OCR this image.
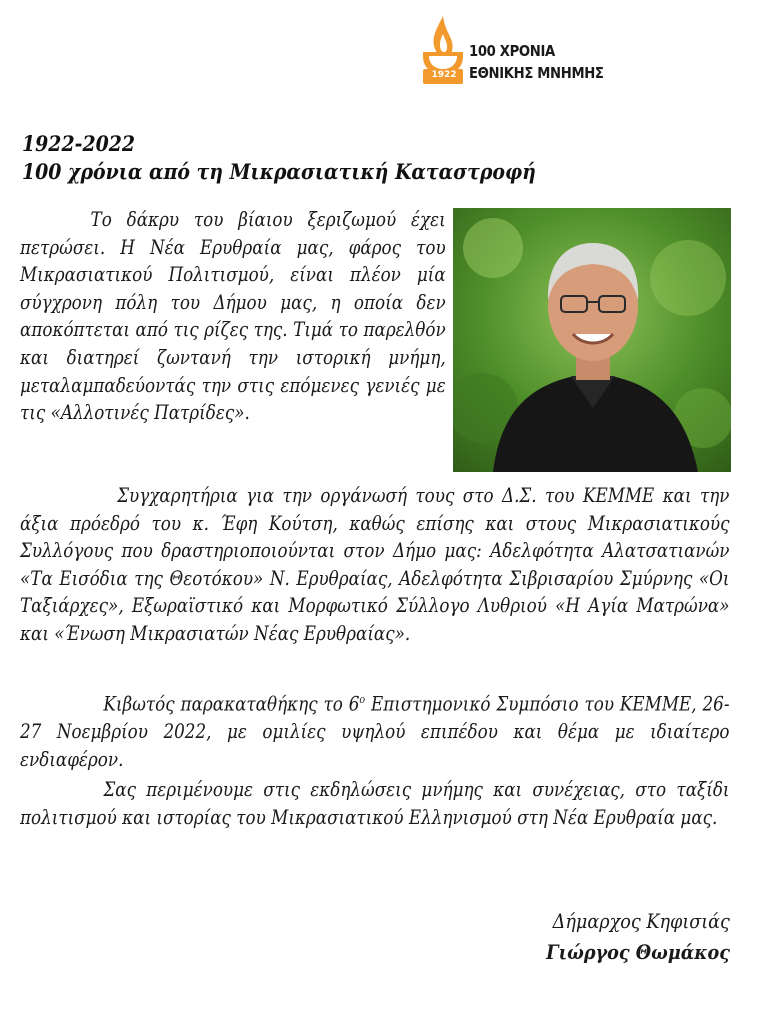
1922
100 ΧΡΟΝΙΑ
ΕΘΝΙΚΗΣ ΜΝΗΜΗΣ
1922-2022
100 χρόνια από τη Μικρασιατική Καταστροφή

Το δάκρυ του βίαιου ξεριζωμού έχει πετρώσει. Η Νέα Ερυθραία μας, φάρος του Μικρασιατικού Πολιτισμού, είναι πλέον μία σύγχρονη πόλη του Δήμου μας, η οποία δεν αποκόπτεται από τις ρίζες της. Τιμά το παρελθόν και διατηρεί ζωντανή την ιστορική μνήμη, μεταλαμπαδεύοντάς την στις επόμενες γενιές με τις «Αλλοτινές Πατρίδες».

Συγχαρητήρια για την οργάνωσή τους στο Δ.Σ. του ΚΕΜΜΕ και την άξια πρόεδρό του κ. Έφη Κούτση, καθώς επίσης και στους Μικρασιατικούς Συλλόγους που δραστηριοποιούνται στον Δήμο μας: Αδελφότητα Αλατσατιανών «Τα Εισόδια της Θεοτόκου» Ν. Ερυθραίας, Αδελφότητα Σιβρισαρίου Σμύρνης «Οι Ταξιάρχες», Εξωραϊστικό και Μορφωτικό Σύλλογο Λυθριού «Η Αγία Ματρώνα» και «Ένωση Μικρασιατών Νέας Ερυθραίας».

Κιβωτός παρακαταθήκης το $6^o$ Επιστημονικό Συμπόσιο του ΚΕΜΜΕ, 26-27 Νοεμβρίου 2022, με ομιλίες υψηλού επιπέδου και θέμα με ιδιαίτερο ενδιαφέρον.

Σας περιμένουμε στις εκδηλώσεις μνήμης και συνέχειας, στο ταξίδι πολιτισμού και ιστορίας του Μικρασιατικού Ελληνισμού στη Νέα Ερυθραία μας.

Δήμαρχος Κηφισιάς
Γιώργος Θωμάκος
